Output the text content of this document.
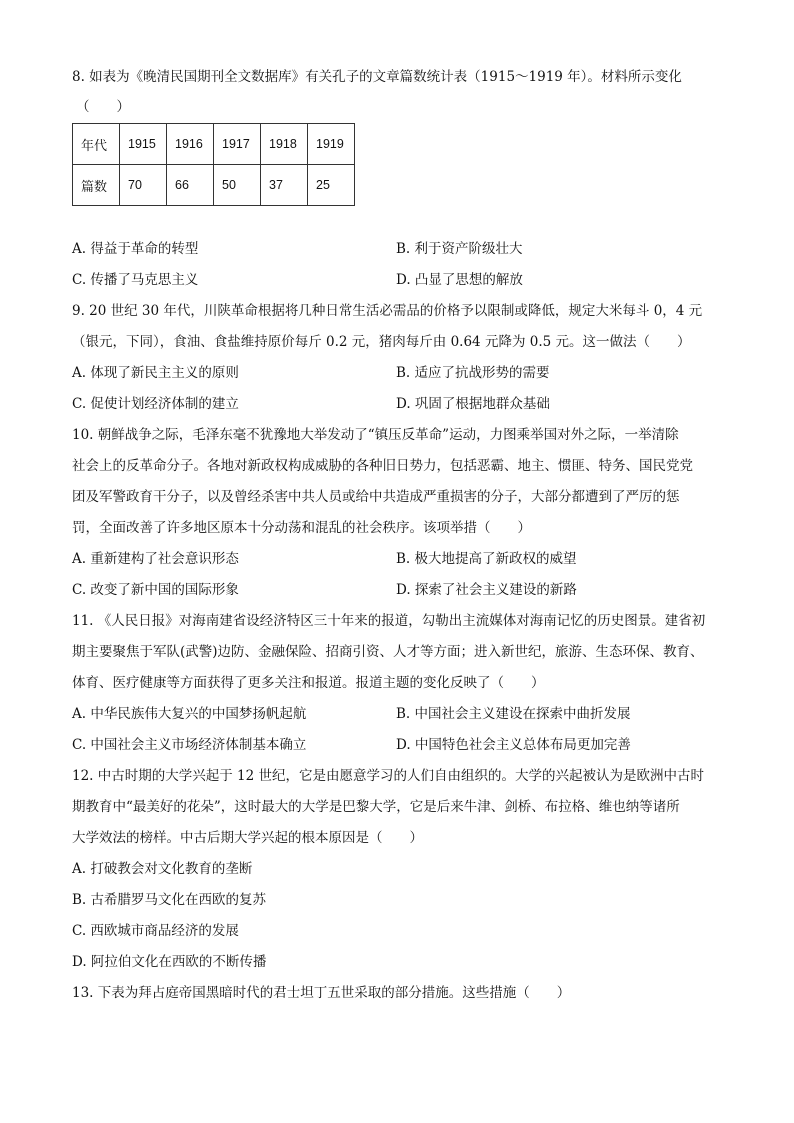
8. 如表为《晚清民国期刊全文数据库》有关孔子的文章篇数统计表（1915～1919 年）。材料所示变化
（　　）
年代	1915	1916	1917	1918	1919
篇数	70	66	50	37	25
A. 得益于革命的转型	B. 利于资产阶级壮大
C. 传播了马克思主义	D. 凸显了思想的解放
9. 20 世纪 30 年代，川陕革命根据将几种日常生活必需品的价格予以限制或降低，规定大米每斗 0，4 元
（银元，下同），食油、食盐维持原价每斤 0.2 元，猪肉每斤由 0.64 元降为 0.5 元。这一做法（　　）
A. 体现了新民主主义的原则	B. 适应了抗战形势的需要
C. 促使计划经济体制的建立	D. 巩固了根据地群众基础
10. 朝鲜战争之际，毛泽东毫不犹豫地大举发动了“镇压反革命”运动，力图乘举国对外之际，一举清除
社会上的反革命分子。各地对新政权构成威胁的各种旧日势力，包括恶霸、地主、惯匪、特务、国民党党
团及军警政育干分子，以及曾经杀害中共人员或给中共造成严重损害的分子，大部分都遭到了严厉的惩
罚，全面改善了许多地区原本十分动荡和混乱的社会秩序。该项举措（　　）
A. 重新建构了社会意识形态	B. 极大地提高了新政权的威望
C. 改变了新中国的国际形象	D. 探索了社会主义建设的新路
11. 《人民日报》对海南建省设经济特区三十年来的报道，勾勒出主流媒体对海南记忆的历史图景。建省初
期主要聚焦于军队(武警)边防、金融保险、招商引资、人才等方面；进入新世纪，旅游、生态环保、教育、
体育、医疗健康等方面获得了更多关注和报道。报道主题的变化反映了（　　）
A. 中华民族伟大复兴的中国梦扬帆起航	B. 中国社会主义建设在探索中曲折发展
C. 中国社会主义市场经济体制基本确立	D. 中国特色社会主义总体布局更加完善
12. 中古时期的大学兴起于 12 世纪，它是由愿意学习的人们自由组织的。大学的兴起被认为是欧洲中古时
期教育中“最美好的花朵”，这时最大的大学是巴黎大学，它是后来牛津、剑桥、布拉格、维也纳等诸所
大学效法的榜样。中古后期大学兴起的根本原因是（　　）
A. 打破教会对文化教育的垄断
B. 古希腊罗马文化在西欧的复苏
C. 西欧城市商品经济的发展
D. 阿拉伯文化在西欧的不断传播
13. 下表为拜占庭帝国黑暗时代的君士坦丁五世采取的部分措施。这些措施（　　）
